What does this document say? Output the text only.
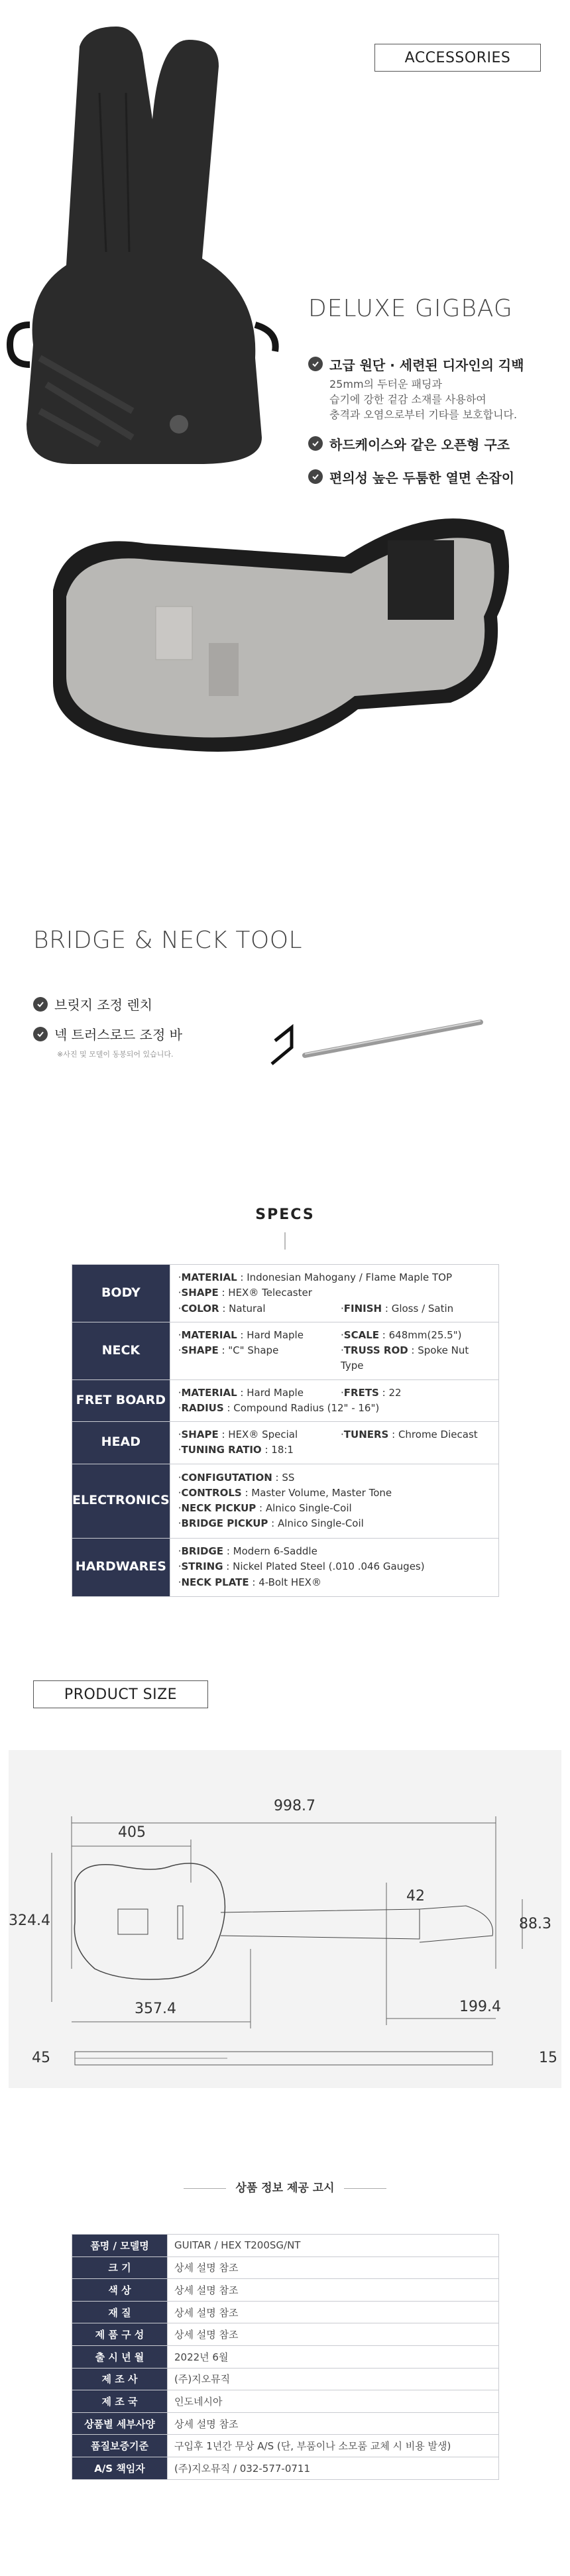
ACCESSORIES
DELUXE GIGBAG
고급 원단 · 세련된 디자인의 긱백
25mm의 두터운 패딩과
습기에 강한 겉감 소재를 사용하여
충격과 오염으로부터 기타를 보호합니다.
하드케이스와 같은 오픈형 구조
편의성 높은 두툼한 열면 손잡이
BRIDGE & NECK TOOL
브릿지 조정 렌치
넥 트러스로드 조정 바
※사진 및 모델이 동봉되어 있습니다.
SPECS
BODY	·MATERIAL : Indonesian Mahogany / Flame Maple TOP
·SHAPE : HEX® Telecaster
·COLOR : Natural ·FINISH : Gloss / Satin

NECK	·MATERIAL : Hard Maple ·SCALE : 648mm(25.5")
·SHAPE : "C" Shape ·TRUSS ROD : Spoke Nut Type

FRET BOARD	·MATERIAL : Hard Maple ·FRETS : 22
·RADIUS : Compound Radius (12" - 16")

HEAD	·SHAPE : HEX® Special ·TUNERS : Chrome Diecast
·TUNING RATIO : 18:1

ELECTRONICS	·CONFIGUTATION : SS
·CONTROLS : Master Volume, Master Tone
·NECK PICKUP : Alnico Single-Coil
·BRIDGE PICKUP : Alnico Single-Coil

HARDWARES	·BRIDGE : Modern 6-Saddle
·STRING : Nickel Plated Steel (.010 .046 Gauges)
·NECK PLATE : 4-Bolt HEX®
PRODUCT SIZE
998.7
405
324.4
42
88.3
357.4	199.4
45	15
상품 정보 제공 고시
품명 / 모델명	GUITAR / HEX T200SG/NT
크 기	상세 설명 참조
색 상	상세 설명 참조
재 질	상세 설명 참조
제 품 구 성	상세 설명 참조
출 시 년 월	2022년 6월
제 조 사	(주)지오뮤직
제 조 국	인도네시아
상품별 세부사양	상세 설명 참조
품질보증기준	구입후 1년간 무상 A/S (단, 부품이나 소모품 교체 시 비용 발생)
A/S 책임자	(주)지오뮤직 / 032-577-0711
